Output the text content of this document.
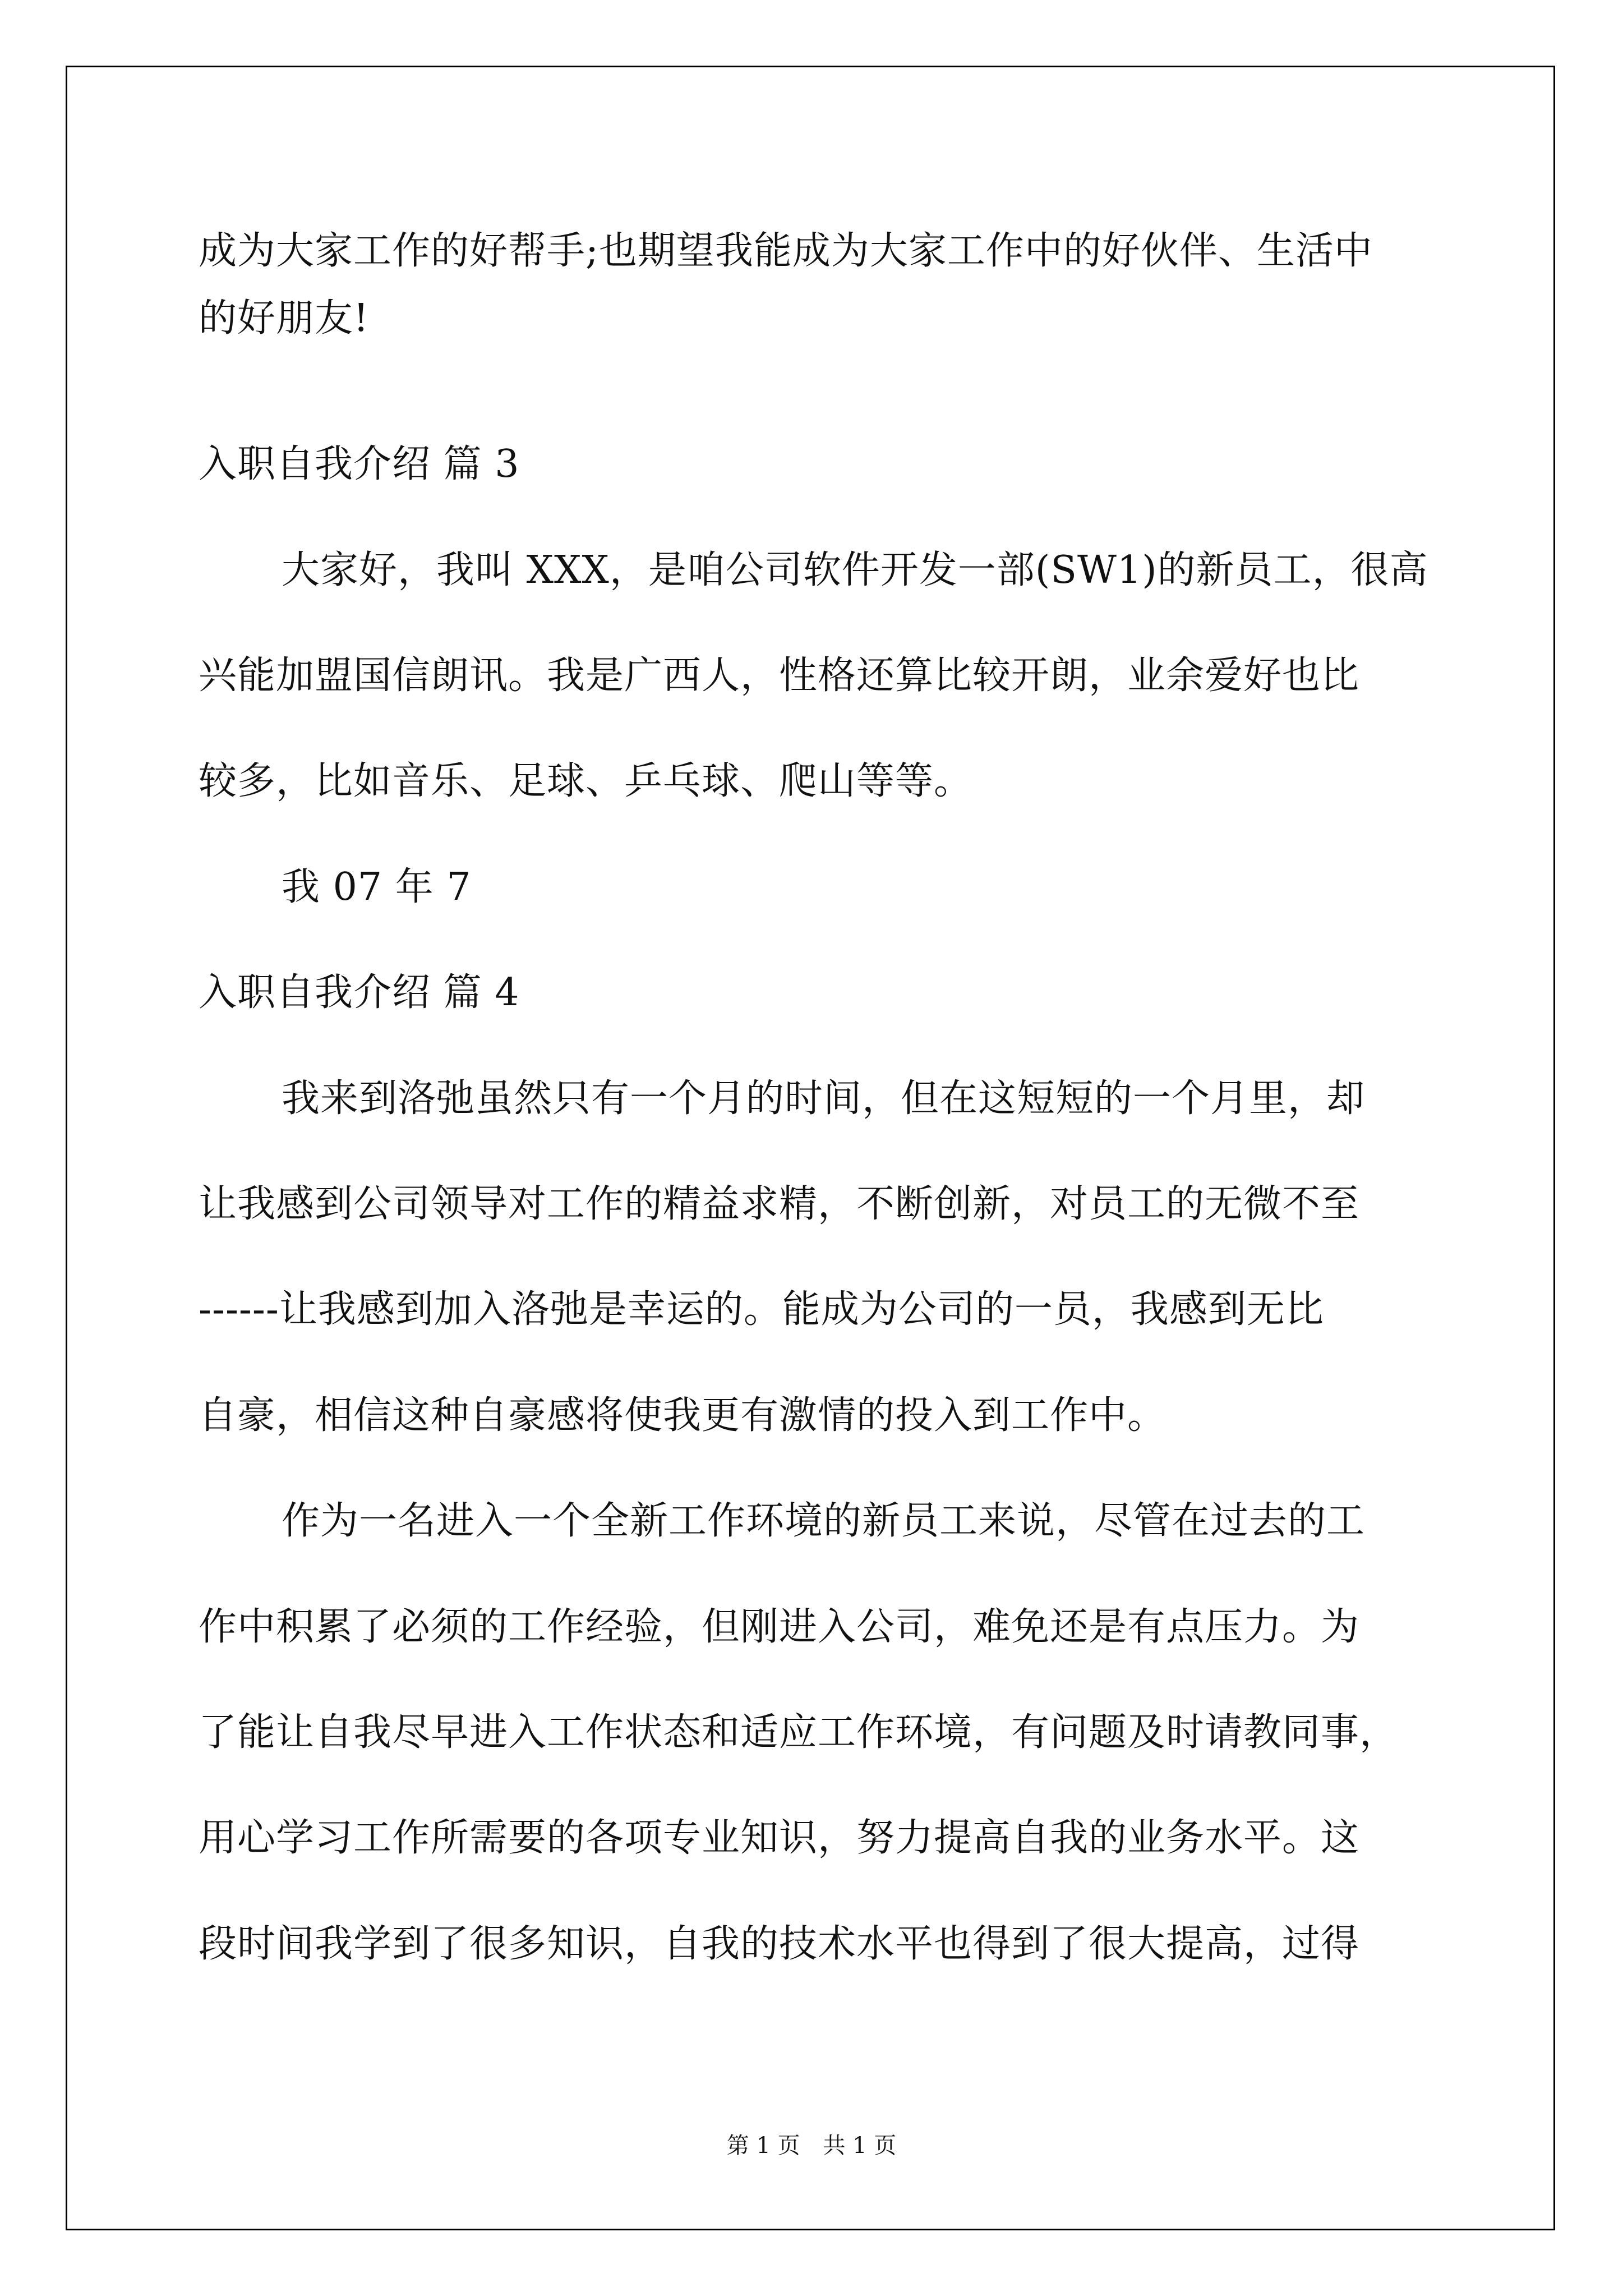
成为大家工作的好帮手;也期望我能成为大家工作中的好伙伴、生活中
的好朋友!
入职自我介绍 篇 3
大家好，我叫 XXX，是咱公司软件开发一部(SW1)的新员工，很高
兴能加盟国信朗讯。我是广西人，性格还算比较开朗，业余爱好也比
较多，比如音乐、足球、乒乓球、爬山等等。
我 07 年 7
入职自我介绍 篇 4
我来到洛弛虽然只有一个月的时间，但在这短短的一个月里，却
让我感到公司领导对工作的精益求精，不断创新，对员工的无微不至
------让我感到加入洛弛是幸运的。能成为公司的一员，我感到无比
自豪，相信这种自豪感将使我更有激情的投入到工作中。
作为一名进入一个全新工作环境的新员工来说，尽管在过去的工
作中积累了必须的工作经验，但刚进入公司，难免还是有点压力。为
了能让自我尽早进入工作状态和适应工作环境，有问题及时请教同事，
用心学习工作所需要的各项专业知识，努力提高自我的业务水平。这
段时间我学到了很多知识，自我的技术水平也得到了很大提高，过得
第 1 页 共 1 页
